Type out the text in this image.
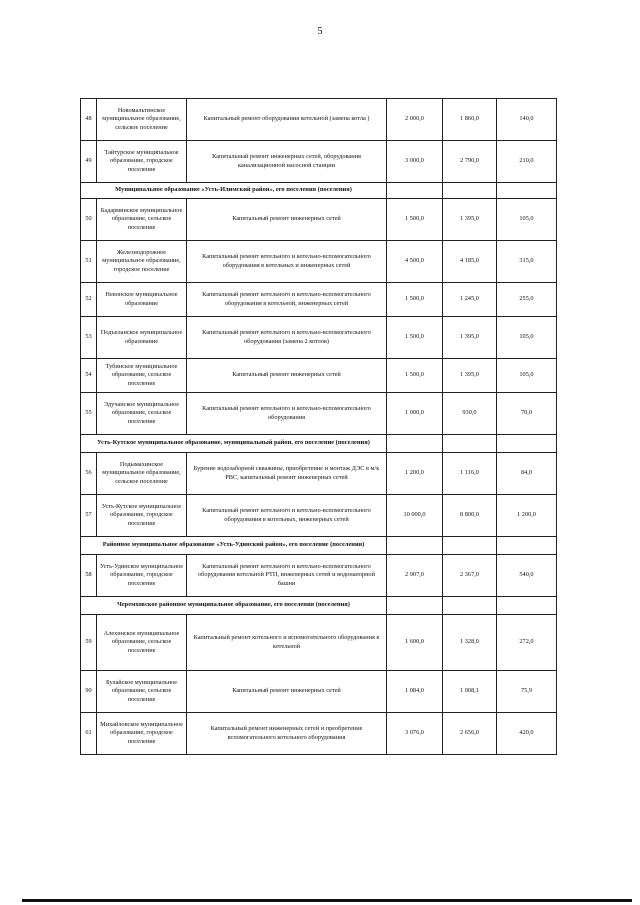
5
48	Новомальтинское муниципальное образование, сельское поселение	Капитальный ремонт оборудования котельной (замена котла )	2 000,0	1 860,0	140,0
49	Тайтурское муниципальное образование, городское поселение	Капитальный ремонт инженерных сетей, оборудования канализационной насосной станции	3 000,0	2 790,0	210,0
Муниципальное образование «Усть-Илимский район», его поселения (поселения)					
50	Бадарминское муниципальное образование, сельское поселение	Капитальный ремонт инженерных сетей	1 500,0	1 395,0	105,0
51	Железнодорожное муниципальное образование, городское поселение	Капитальный ремонт котельного и котельно-вспомогательного оборудования в котельных и инженерных сетей	4 500,0	4 185,0	315,0
52	Невонское муниципальное образование	Капитальный ремонт котельного и котельно-вспомогательного оборудования в котельной, инженерных сетей	1 500,0	1 245,0	255,0
53	Подъеланское муниципальное образование	Капитальный ремонт котельного и котельно-вспомогательного оборудования (замена 2 котлов)	1 500,0	1 395,0	105,0
54	Тубинское муниципальное образование, сельское поселение	Капитальный ремонт инженерных сетей	1 500,0	1 395,0	105,0
55	Эдучанское муниципальное образование, сельское поселение	Капитальный ремонт котельного и котельно-вспомогательного оборудования	1 000,0	930,0	70,0
Усть-Кутское муниципальное образование, муниципальный район, его поселение (поселения)					
56	Подымахинское муниципальное образование, сельское поселение	Бурение водозаборной скважины, приобретение и монтаж ДЭС в м/к РВС, капитальный ремонт инженерных сетей	1 200,0	1 116,0	84,0
57	Усть-Кутское муниципальное образование, городское поселение	Капитальный ремонт котельного и котельно-вспомогательного оборудования в котельных, инженерных сетей	10 000,0	8 800,0	1 200,0
Районное муниципальное образование «Усть-Удинский район», его поселение (поселения)					
58	Усть-Удинское муниципальное образование, городское поселение	Капитальный ремонт котельного и котельно-вспомогательного оборудования котельной РТП, инженерных сетей и водонапорной башни	2 907,0	2 367,0	540,0
Черемховское районное муниципальное образование, его поселения (поселения)					
59	Алехинское муниципальное образование, сельское поселение	Капитальный ремонт котельного и вспомогательного оборудования в котельной	1 600,0	1 328,0	272,0
90	Булайское муниципальное образование, сельское поселение	Капитальный ремонт инженерных сетей	1 084,0	1 008,1	75,9
61	Михайловское муниципальное образование, городское поселение	Капитальный ремонт инженерных сетей и преобретение вспомогательного котельного оборудования	3 076,0	2 656,0	420,0
